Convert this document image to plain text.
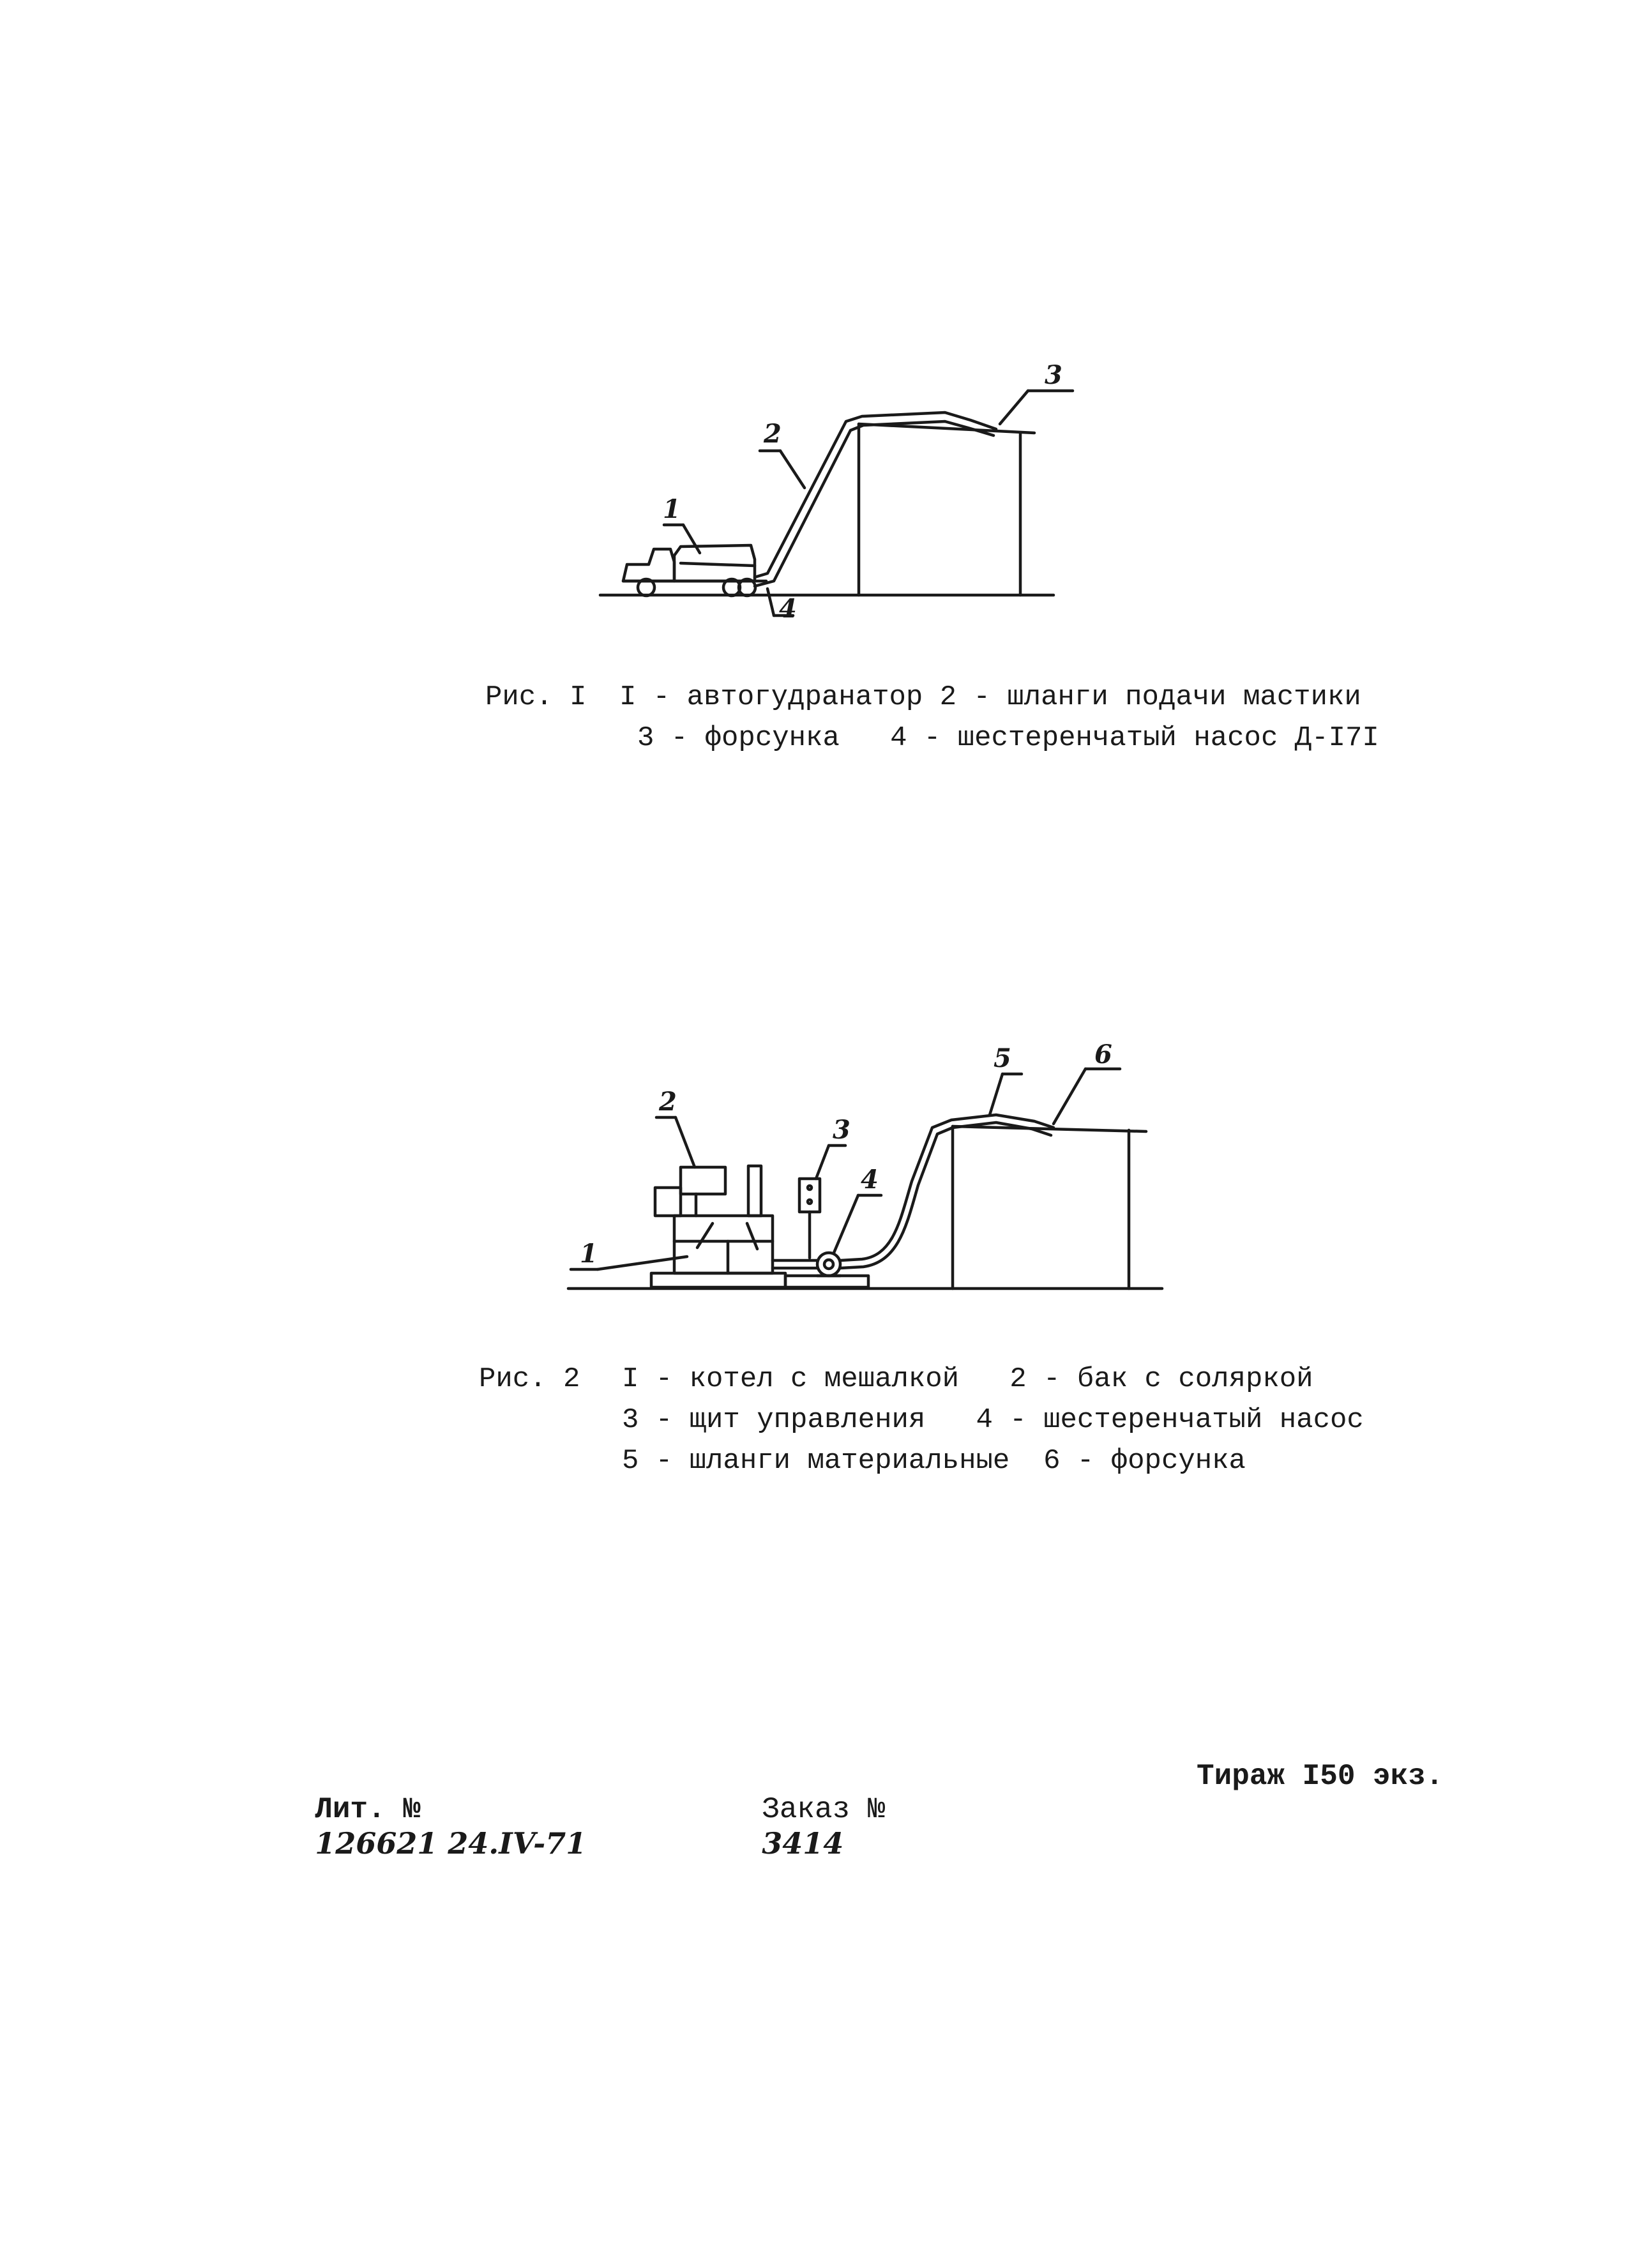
1
2
3
4

Рис. I

I - автогудранатор 2 - шланги подачи мастики

3 - форсунка   4 - шестеренчатый насос Д-I7I

1
2
3
4
5	6

Рис. 2

I - котел с мешалкой   2 - бак с соляркой

3 - щит управления   4 - шестеренчатый насос

5 - шланги материальные  6 - форсунка

Лит. №
126621 24.IV-71

Заказ №
3414

Тираж I50 экз.
